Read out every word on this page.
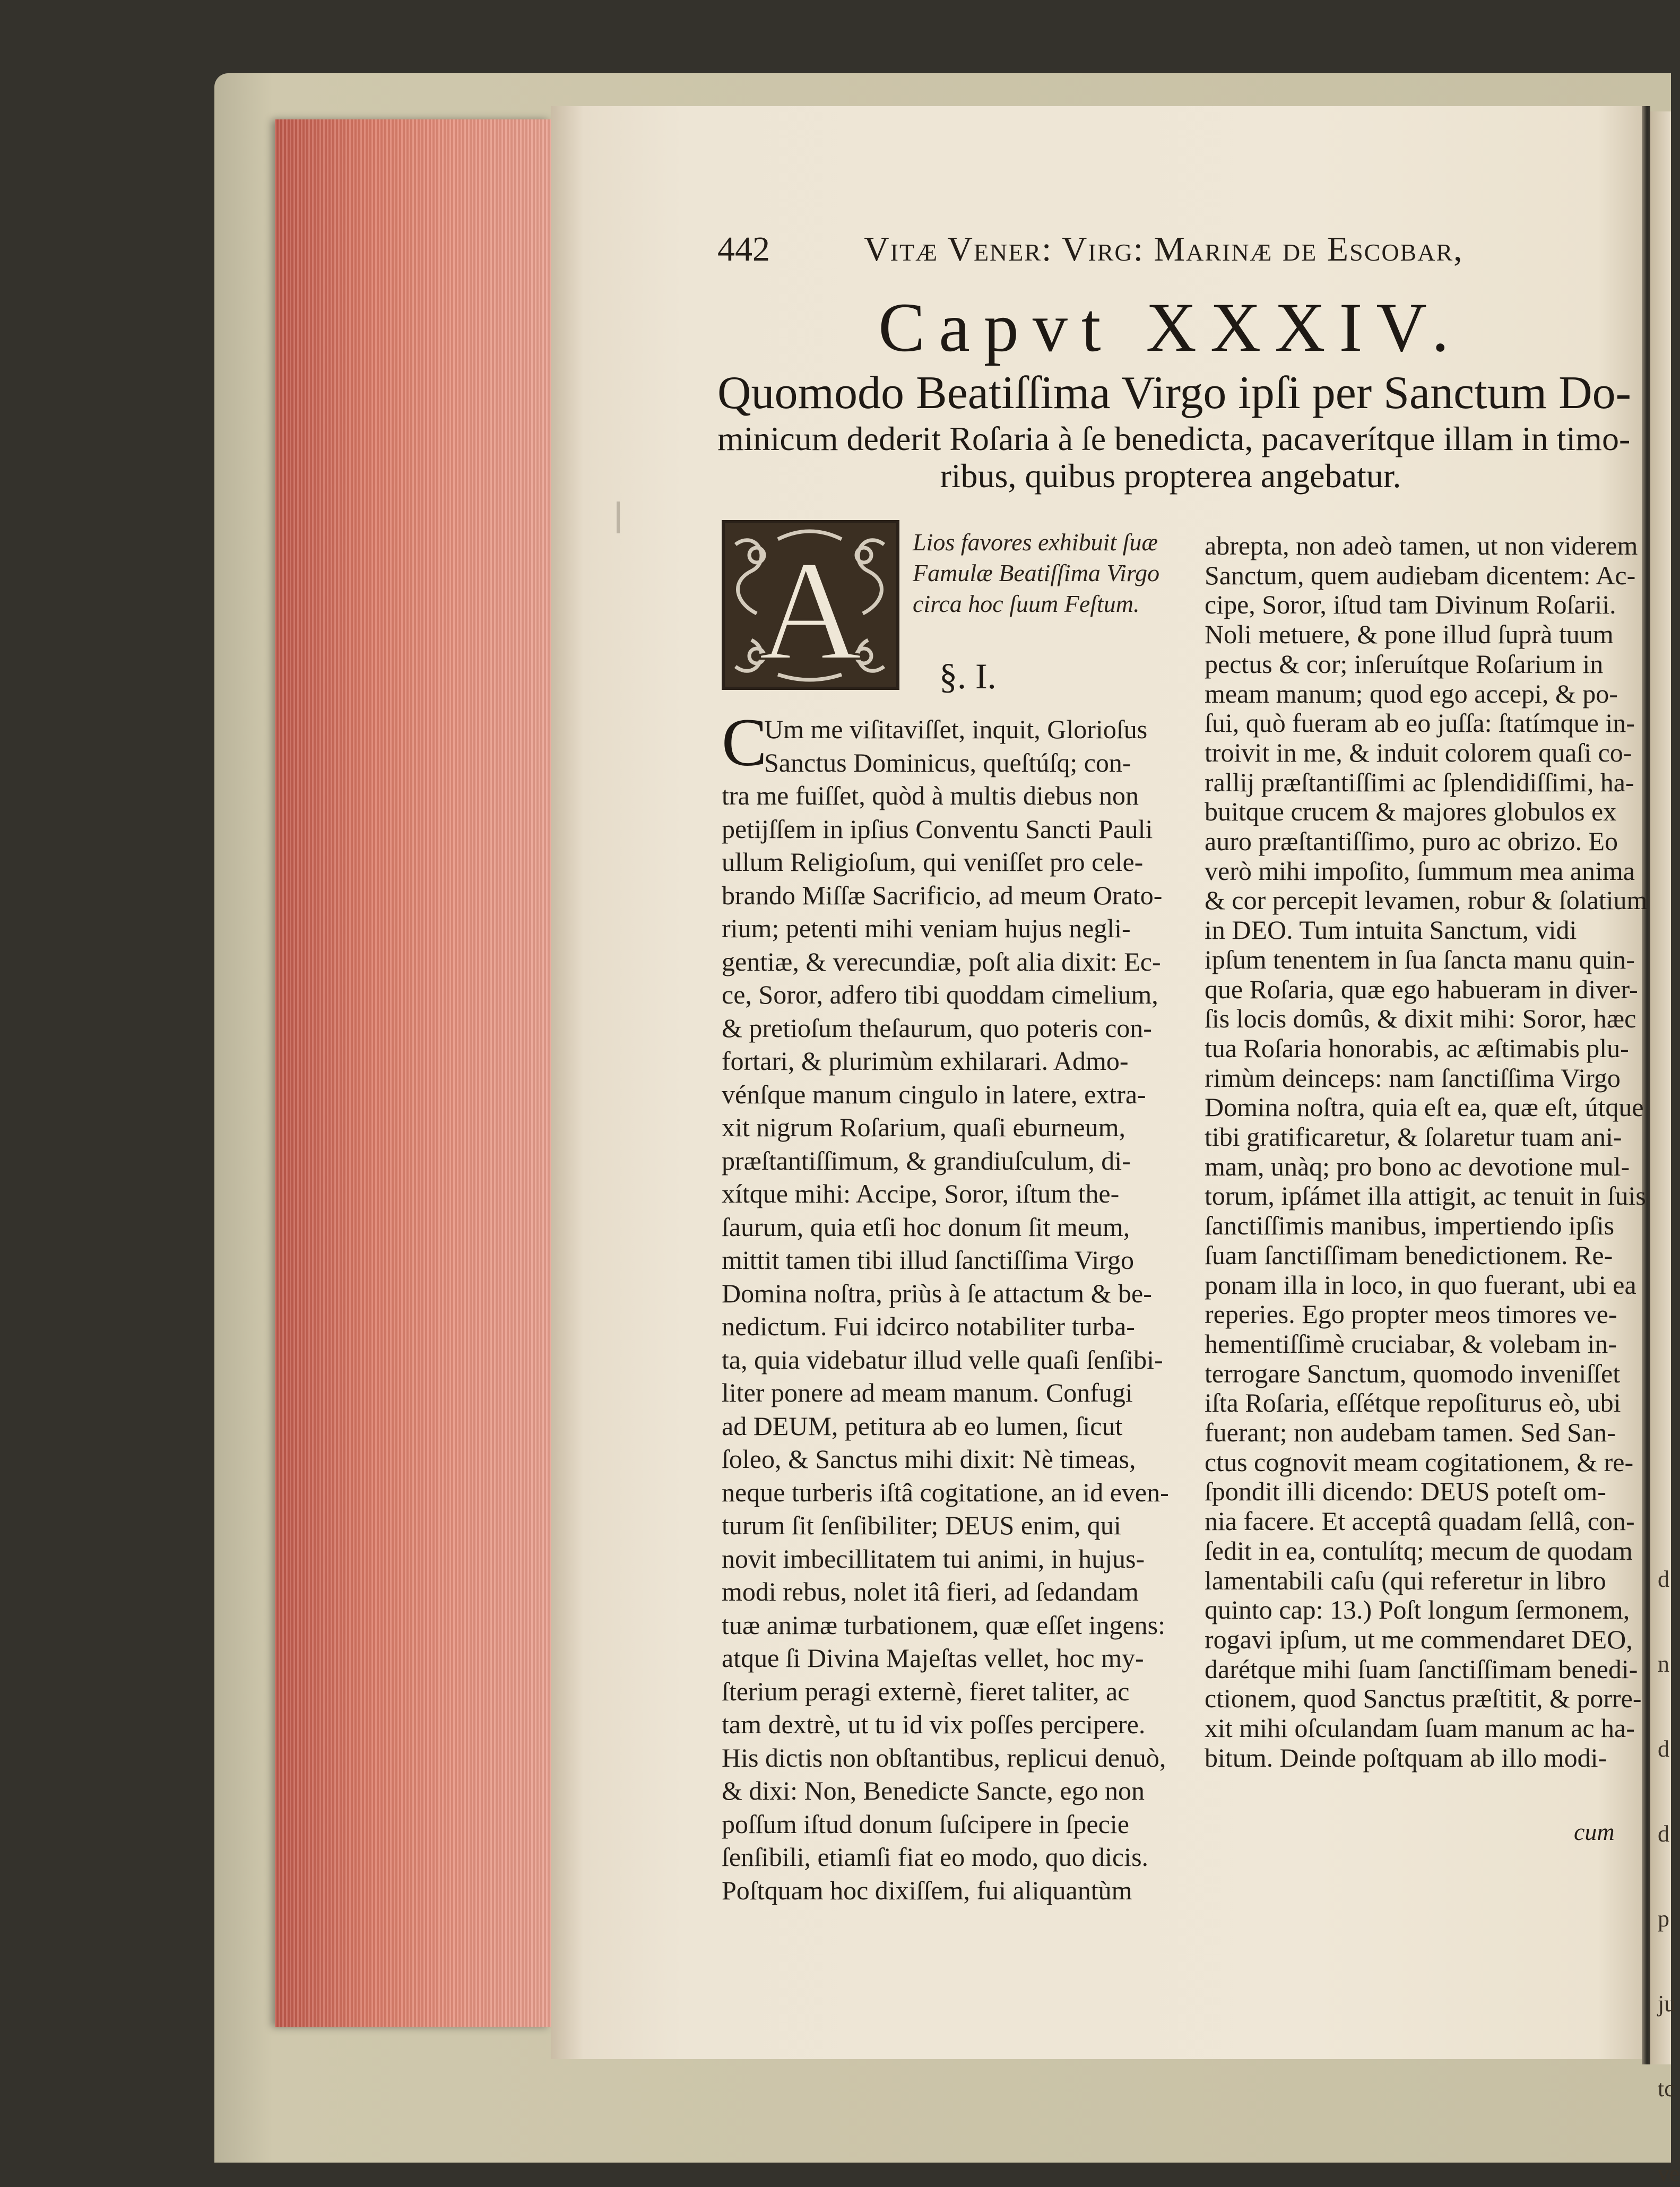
d
n
d
d
p
ju
tc
ve
442	Vitæ Vener: Virg: Marinæ de Escobar,
Capvt XXXIV.
Quomodo Beatiſſima Virgo ipſi per Sanctum Do-
minicum dederit Roſaria à ſe benedicta, pacaverítque illam in timo-
ribus, quibus propterea angebatur.
A Lios favores exhibuit ſuæ
Famulæ Beatiſſima Virgo
circa hoc ſuum Feſtum.
§. I.
Um me viſitaviſſet, inquit, Glorioſus
Sanctus Dominicus, queſtúſq; con-
tra me fuiſſet, quòd à multis diebus non
petijſſem in ipſius Conventu Sancti Pauli
ullum Religioſum, qui veniſſet pro cele-
brando Miſſæ Sacrificio, ad meum Orato-
rium; petenti mihi veniam hujus negli-
gentiæ, & verecundiæ, poſt alia dixit: Ec-
ce, Soror, adfero tibi quoddam cimelium,
& pretioſum theſaurum, quo poteris con-
fortari, & plurimùm exhilarari. Admo-
vénſque manum cingulo in latere, extra-
xit nigrum Roſarium, quaſi eburneum,
præſtantiſſimum, & grandiuſculum, di-
xítque mihi: Accipe, Soror, iſtum the-
ſaurum, quia etſi hoc donum ſit meum,
mittit tamen tibi illud ſanctiſſima Virgo
Domina noſtra, priùs à ſe attactum & be-
nedictum. Fui idcirco notabiliter turba-
ta, quia videbatur illud velle quaſi ſenſibi-
liter ponere ad meam manum. Confugi
ad DEUM, petitura ab eo lumen, ſicut
ſoleo, & Sanctus mihi dixit: Nè timeas,
neque turberis iſtâ cogitatione, an id even-
turum ſit ſenſibiliter; DEUS enim, qui
novit imbecillitatem tui animi, in hujus-
modi rebus, nolet itâ fieri, ad ſedandam
tuæ animæ turbationem, quæ eſſet ingens:
atque ſi Divina Majeſtas vellet, hoc my-
ſterium peragi externè, fieret taliter, ac
tam dextrè, ut tu id vix poſſes percipere.
His dictis non obſtantibus, replicui denuò,
& dixi: Non, Benedicte Sancte, ego non
poſſum iſtud donum ſuſcipere in ſpecie
ſenſibili, etiamſi fiat eo modo, quo dicis.
Poſtquam hoc dixiſſem, fui aliquantùm
abrepta, non adeò tamen, ut non viderem
Sanctum, quem audiebam dicentem: Ac-
cipe, Soror, iſtud tam Divinum Roſarii.
Noli metuere, & pone illud ſuprà tuum
pectus & cor; inſeruítque Roſarium in
meam manum; quod ego accepi, & po-
ſui, quò fueram ab eo juſſa: ſtatímque in-
troivit in me, & induit colorem quaſi co-
rallij præſtantiſſimi ac ſplendidiſſimi, ha-
buitque crucem & majores globulos ex
auro præſtantiſſimo, puro ac obrizo. Eo
verò mihi impoſito, ſummum mea anima
& cor percepit levamen, robur & ſolatium
in DEO. Tum intuita Sanctum, vidi
ipſum tenentem in ſua ſancta manu quin-
que Roſaria, quæ ego habueram in diver-
ſis locis domûs, & dixit mihi: Soror, hæc
tua Roſaria honorabis, ac æſtimabis plu-
rimùm deinceps: nam ſanctiſſima Virgo
Domina noſtra, quia eſt ea, quæ eſt, útque
tibi gratificaretur, & ſolaretur tuam ani-
mam, unàq; pro bono ac devotione mul-
torum, ipſámet illa attigit, ac tenuit in ſuis
ſanctiſſimis manibus, impertiendo ipſis
ſuam ſanctiſſimam benedictionem. Re-
ponam illa in loco, in quo fuerant, ubi ea
reperies. Ego propter meos timores ve-
hementiſſimè cruciabar, & volebam in-
terrogare Sanctum, quomodo inveniſſet
iſta Roſaria, eſſétque repoſiturus eò, ubi
fuerant; non audebam tamen. Sed San-
ctus cognovit meam cogitationem, & re-
ſpondit illi dicendo: DEUS poteſt om-
nia facere. Et acceptâ quadam ſellâ, con-
ſedit in ea, contulítq; mecum de quodam
lamentabili caſu (qui referetur in libro
quinto cap: 13.) Poſt longum ſermonem,
rogavi ipſum, ut me commendaret DEO,
darétque mihi ſuam ſanctiſſimam benedi-
ctionem, quod Sanctus præſtitit, & porre-
xit mihi oſculandam ſuam manum ac ha-
bitum. Deinde poſtquam ab illo modi-
cum
C
